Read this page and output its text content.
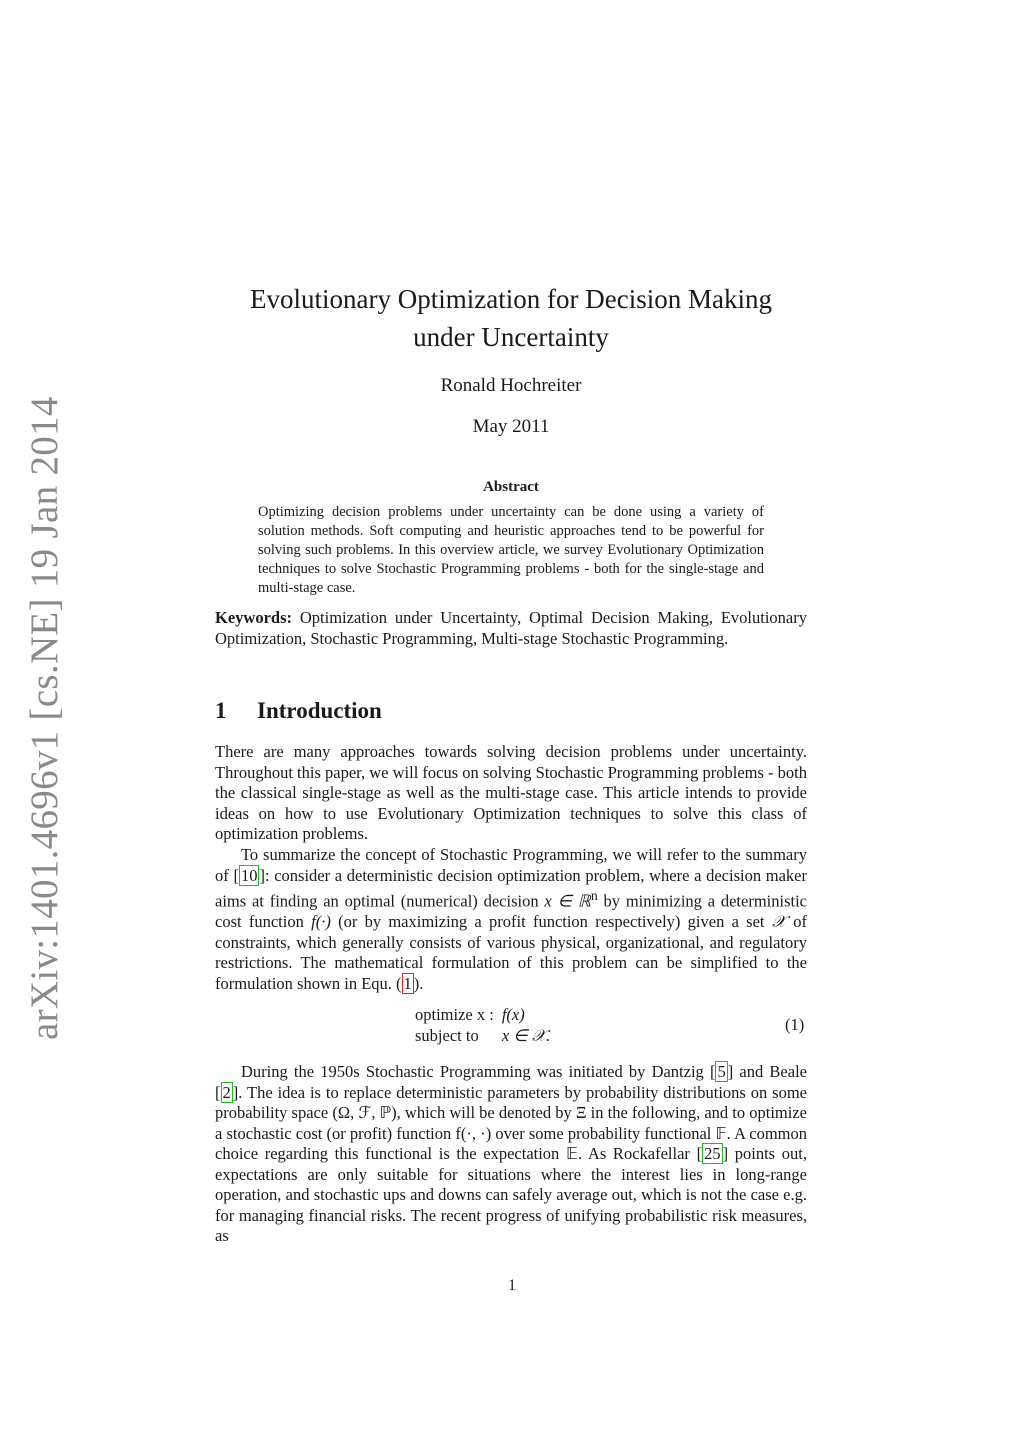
arXiv:1401.4696v1 [cs.NE] 19 Jan 2014
Evolutionary Optimization for Decision Making
under Uncertainty
Ronald Hochreiter
May 2011
Abstract

Optimizing decision problems under uncertainty can be done using a variety of solution methods. Soft computing and heuristic approaches tend to be powerful for solving such problems. In this overview article, we survey Evolutionary Optimization techniques to solve Stochastic Programming problems - both for the single-stage and multi-stage case.

Keywords: Optimization under Uncertainty, Optimal Decision Making, Evolutionary Optimization, Stochastic Programming, Multi-stage Stochastic Programming.

1 Introduction

There are many approaches towards solving decision problems under uncertainty. Throughout this paper, we will focus on solving Stochastic Programming problems - both the classical single-stage as well as the multi-stage case. This article intends to provide ideas on how to use Evolutionary Optimization techniques to solve this class of optimization problems.

To summarize the concept of Stochastic Programming, we will refer to the summary of [ 10 ]: consider a deterministic decision optimization problem, where a decision maker aims at finding an optimal (numerical) decision x ∈ ℝ$^n$ by minimizing a deterministic cost function f(·) (or by maximizing a profit function respectively) given a set 𝒳 of constraints, which generally consists of various physical, organizational, and regulatory restrictions. The mathematical formulation of this problem can be simplified to the formulation shown in Equ. ( 1 ).

optimize x :	f(x)
subject to	x ∈ 𝒳.
(1)

During the 1950s Stochastic Programming was initiated by Dantzig [ 5 ] and Beale [ 2 ]. The idea is to replace deterministic parameters by probability distributions on some probability space (Ω, ℱ, ℙ), which will be denoted by Ξ in the following, and to optimize a stochastic cost (or profit) function f(·, ·) over some probability functional 𝔽. A common choice regarding this functional is the expectation 𝔼. As Rockafellar [ 25 ] points out, expectations are only suitable for situations where the interest lies in long-range operation, and stochastic ups and downs can safely average out, which is not the case e.g. for managing financial risks. The recent progress of unifying probabilistic risk measures, as

1
